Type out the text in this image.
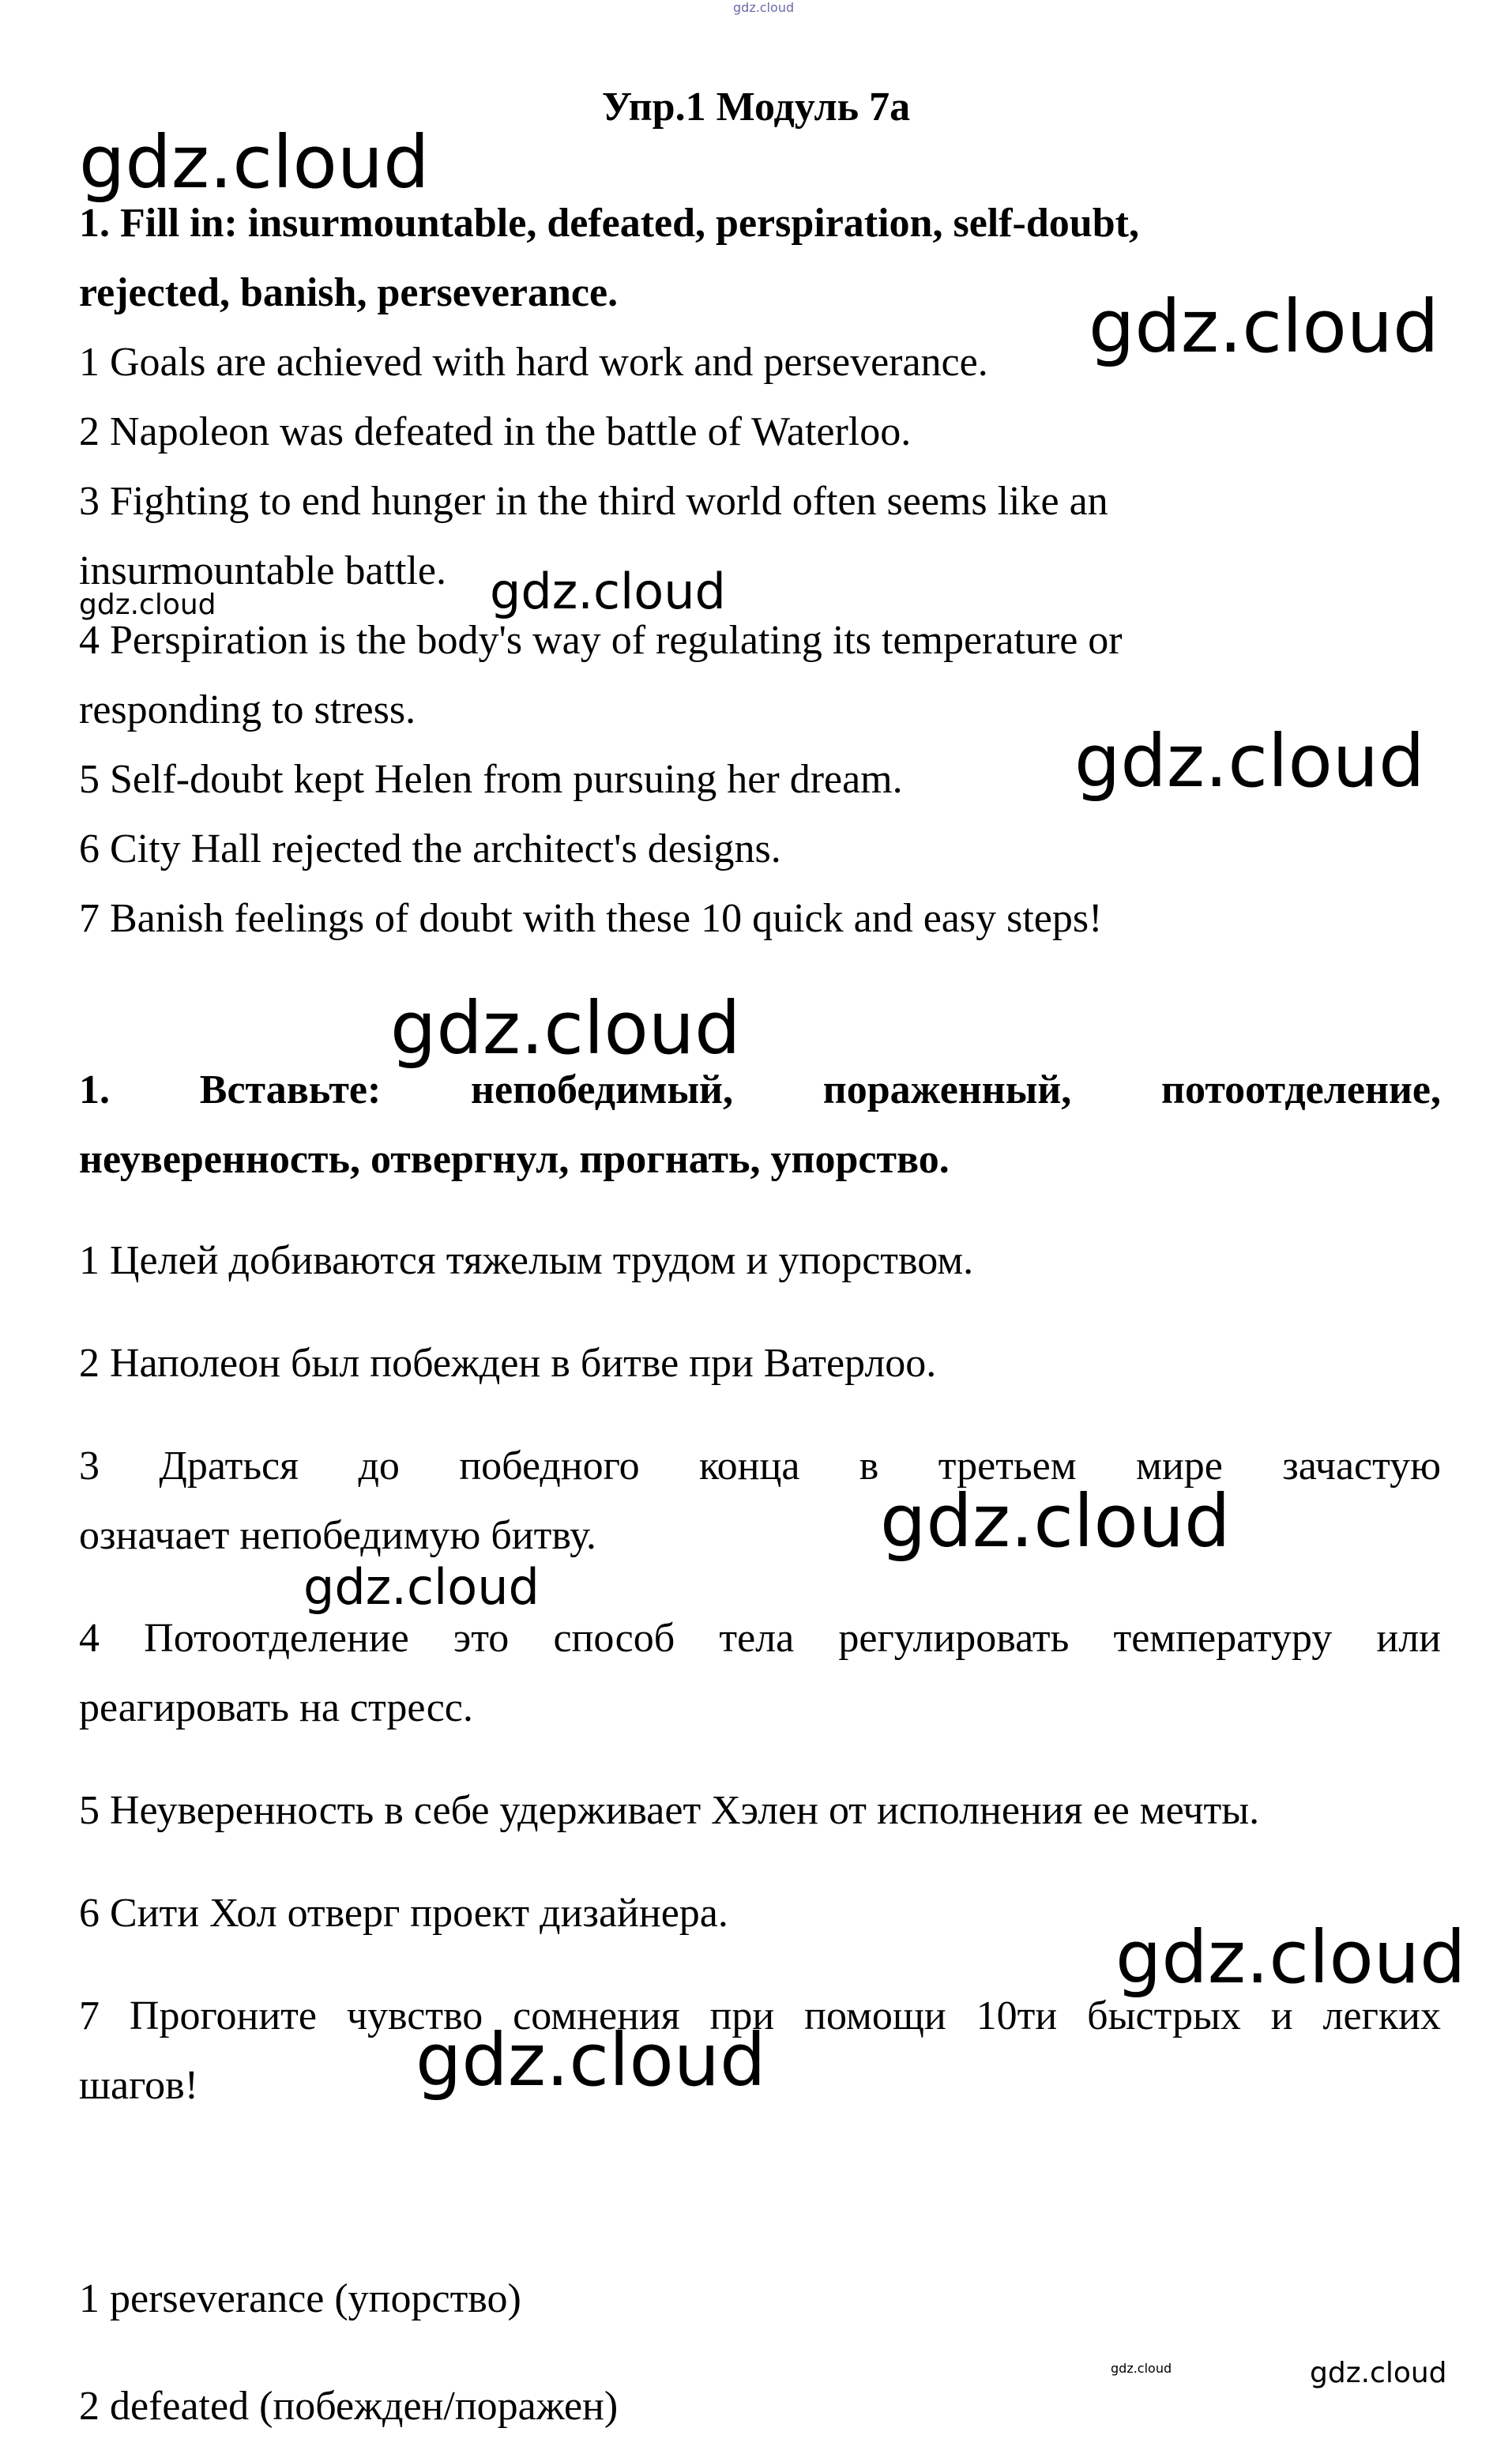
gdz.cloud
Упр.1 Модуль 7а
gdz.cloud
1. Fill in: insurmountable, defeated, perspiration, self-doubt,
rejected, banish, perseverance.
1 Goals are achieved with hard work and perseverance. gdz.cloud
2 Napoleon was defeated in the battle of Waterloo.
3 Fighting to end hunger in the third world often seems like an
insurmountable battle.
gdz.cloud	gdz.cloud
4 Perspiration is the body's way of regulating its temperature or
responding to stress.
5 Self-doubt kept Helen from pursuing her dream. gdz.cloud
6 City Hall rejected the architect's designs.
7 Banish feelings of doubt with these 10 quick and easy steps!
gdz.cloud
1. Вставьте: непобедимый, пораженный, потоотделение,
неуверенность, отвергнул, прогнать, упорство.
1 Целей добиваются тяжелым трудом и упорством.
2 Наполеон был побежден в битве при Ватерлоо.
3 Драться до победного конца в третьем мире зачастую
означает непобедимую битву.	gdz.cloud
gdz.cloud
4 Потоотделение это способ тела регулировать температуру или
реагировать на стресс.
5 Неуверенность в себе удерживает Хэлен от исполнения ее мечты.
6 Сити Хол отверг проект дизайнера.
gdz.cloud
7 Прогоните чувство сомнения при помощи 10ти быстрых и легких
шагов!	gdz.cloud
1 perseverance (упорство)
2 defeated (побежден/поражен)
gdz.cloud	gdz.cloud
